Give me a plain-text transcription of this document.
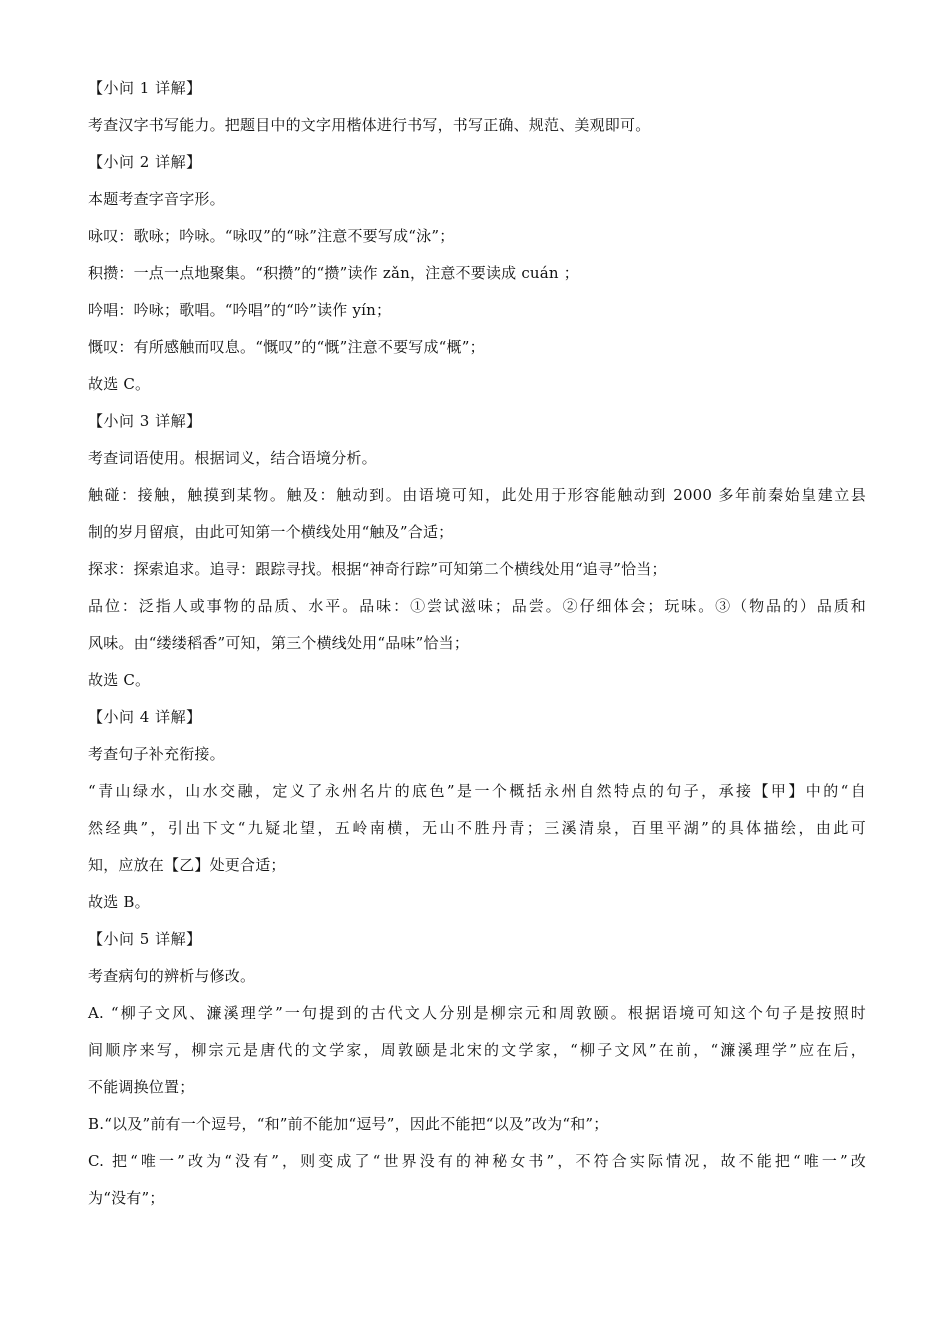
【小问 1 详解】
考查汉字书写能力。把题目中的文字用楷体进行书写，书写正确、规范、美观即可。
【小问 2 详解】
本题考查字音字形。
咏叹：歌咏；吟咏。“咏叹”的“咏”注意不要写成“泳”；
积攒：一点一点地聚集。“积攒”的“攒”读作 zǎn，注意不要读成 cuán ；
吟唱：吟咏；歌唱。“吟唱”的“吟”读作 yín；
慨叹：有所感触而叹息。“慨叹”的“慨”注意不要写成“概”；
故选 C。
【小问 3 详解】
考查词语使用。根据词义，结合语境分析。
触碰：接触，触摸到某物。触及：触动到。由语境可知，此处用于形容能触动到 2000 多年前秦始皇建立县
制的岁月留痕，由此可知第一个横线处用“触及”合适；
探求：探索追求。追寻：跟踪寻找。根据“神奇行踪”可知第二个横线处用“追寻”恰当；
品位：泛指人或事物的品质、水平。品味：①尝试滋味；品尝。②仔细体会；玩味。③（物品的）品质和
风味。由“缕缕稻香”可知，第三个横线处用“品味”恰当；
故选 C。
【小问 4 详解】
考查句子补充衔接。
“青山绿水，山水交融，定义了永州名片的底色”是一个概括永州自然特点的句子，承接【甲】中的“自
然经典”，引出下文“九疑北望，五岭南横，无山不胜丹青；三溪清泉，百里平湖”的具体描绘，由此可
知，应放在【乙】处更合适；
故选 B。
【小问 5 详解】
考查病句的辨析与修改。
A. “柳子文风、濂溪理学”一句提到的古代文人分别是柳宗元和周敦颐。根据语境可知这个句子是按照时
间顺序来写，柳宗元是唐代的文学家，周敦颐是北宋的文学家，“柳子文风”在前，“濂溪理学”应在后，
不能调换位置；
B.“以及”前有一个逗号，“和”前不能加“逗号”，因此不能把“以及”改为“和”；
C. 把“唯一”改为“没有”，则变成了“世界没有的神秘女书”，不符合实际情况，故不能把“唯一”改
为“没有”；
